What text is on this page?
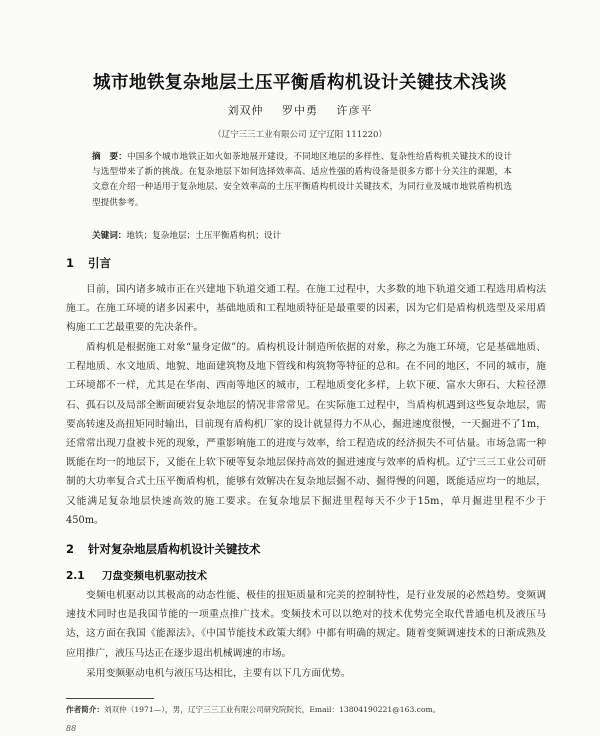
城市地铁复杂地层土压平衡盾构机设计关键技术浅谈
刘双仲 罗中勇 许彦平
（辽宁三三工业有限公司 辽宁辽阳 111220）
摘　要：中国多个城市地铁正如火如荼地展开建设，不同地区地层的多样性、复杂性给盾构机关键技术的设计与选型带来了新的挑战。在复杂地层下如何选择效率高、适应性强的盾构设备是很多方都十分关注的课题，本文意在介绍一种适用于复杂地层、安全效率高的土压平衡盾构机设计关键技术，为同行业及城市地铁盾构机选型提供参考。
关键词：地铁；复杂地层；土压平衡盾构机；设计
1 引言
目前，国内诸多城市正在兴建地下轨道交通工程。在施工过程中，大多数的地下轨道交通工程选用盾构法施工。在施工环境的诸多因素中，基础地质和工程地质特征是最重要的因素，因为它们是盾构机选型及采用盾构施工工艺最重要的先决条件。
盾构机是根据施工对象“量身定做”的。盾构机设计制造所依据的对象，称之为施工环境，它是基础地质、工程地质、水文地质、地貌、地面建筑物及地下管线和构筑物等特征的总和。在不同的地区，不同的城市，施工环境都不一样，尤其是在华南、西南等地区的城市，工程地质变化多样，上软下硬、富水大卵石、大粒径漂石、孤石以及局部全断面硬岩复杂地层的情况非常常见。在实际施工过程中，当盾构机遇到这些复杂地层，需要高转速及高扭矩同时输出，目前现有盾构机厂家的设计就显得力不从心，掘进速度很慢，一天掘进不了1m，还常常出现刀盘被卡死的现象，严重影响施工的进度与效率，给工程造成的经济损失不可估量。市场急需一种既能在均一的地层下，又能在上软下硬等复杂地层保持高效的掘进速度与效率的盾构机。辽宁三三工业公司研制的大功率复合式土压平衡盾构机，能够有效解决在复杂地层掘不动、掘得慢的问题，既能适应均一的地层，又能满足复杂地层快速高效的施工要求。在复杂地层下掘进里程每天不少于15m，单月掘进里程不少于450m。
2 针对复杂地层盾构机设计关键技术
2.1 刀盘变频电机驱动技术
变频电机驱动以其极高的动态性能、极佳的扭矩质量和完美的控制特性，是行业发展的必然趋势。变频调速技术同时也是我国节能的一项重点推广技术。变频技术可以以绝对的技术优势完全取代普通电机及液压马达，这方面在我国《能源法》、《中国节能技术政策大纲》中都有明确的规定。随着变频调速技术的日渐成熟及应用推广，液压马达正在逐步退出机械调速的市场。
采用变频驱动电机与液压马达相比，主要有以下几方面优势。
作者简介：刘双仲（1971—），男，辽宁三三工业有限公司研究院院长，Email：13804190221@163.com。
88
